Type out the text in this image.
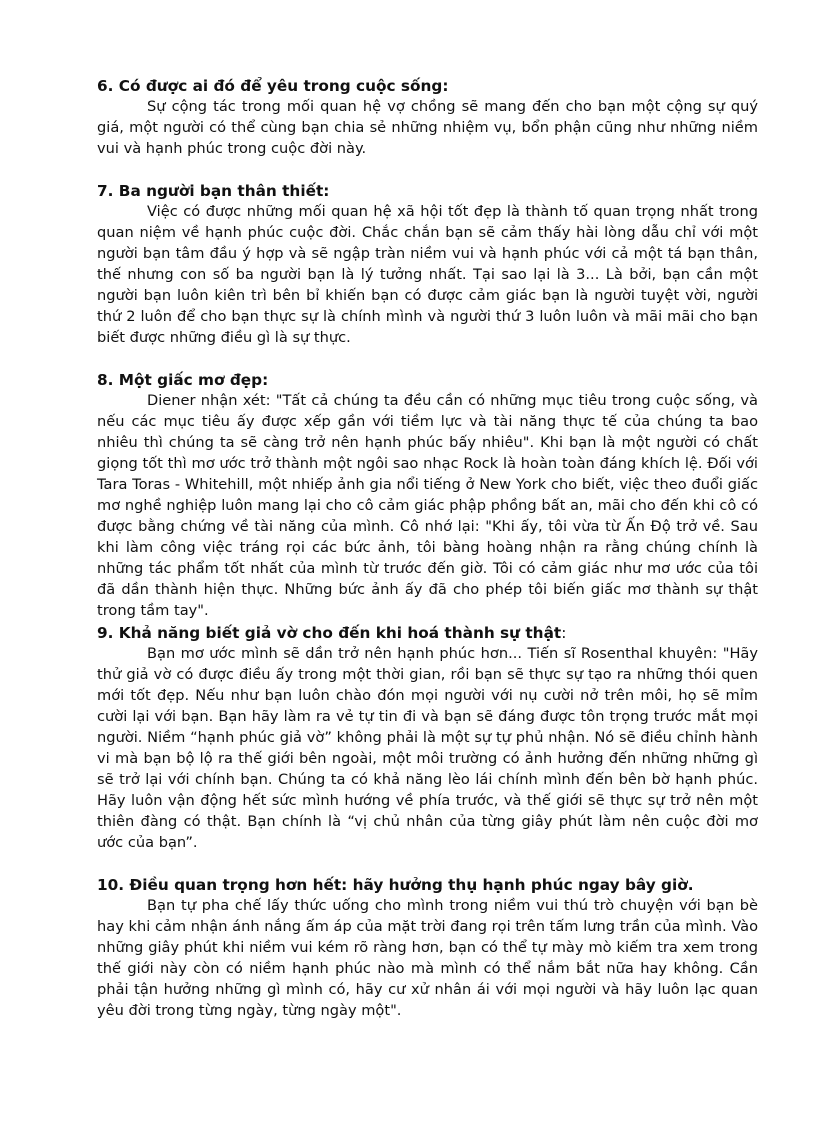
6. Có được ai đó để yêu trong cuộc sống:

Sự cộng tác trong mối quan hệ vợ chồng sẽ mang đến cho bạn một cộng sự quý giá, một người có thể cùng bạn chia sẻ những nhiệm vụ, bổn phận cũng như những niềm vui và hạnh phúc trong cuộc đời này.

7. Ba người bạn thân thiết:

Việc có được những mối quan hệ xã hội tốt đẹp là thành tố quan trọng nhất trong quan niệm về hạnh phúc cuộc đời. Chắc chắn bạn sẽ cảm thấy hài lòng dẫu chỉ với một người bạn tâm đầu ý hợp và sẽ ngập tràn niềm vui và hạnh phúc với cả một tá bạn thân, thế nhưng con số ba người bạn là lý tưởng nhất. Tại sao lại là 3... Là bởi, bạn cần một người bạn luôn kiên trì bên bỉ khiến bạn có được cảm giác bạn là người tuyệt vời, người thứ 2 luôn để cho bạn thực sự là chính mình và người thứ 3 luôn luôn và mãi mãi cho bạn biết được những điều gì là sự thực.

8. Một giấc mơ đẹp:

Diener nhận xét: "Tất cả chúng ta đều cần có những mục tiêu trong cuộc sống, và nếu các mục tiêu ấy được xếp gần với tiềm lực và tài năng thực tế của chúng ta bao nhiêu thì chúng ta sẽ càng trở nên hạnh phúc bấy nhiêu". Khi bạn là một người có chất giọng tốt thì mơ ước trở thành một ngôi sao nhạc Rock là hoàn toàn đáng khích lệ. Đối với Tara Toras - Whitehill, một nhiếp ảnh gia nổi tiếng ở New York cho biết, việc theo đuổi giấc mơ nghề nghiệp luôn mang lại cho cô cảm giác phập phồng bất an, mãi cho đến khi cô có được bằng chứng về tài năng của mình. Cô nhớ lại: "Khi ấy, tôi vừa từ Ấn Độ trở về. Sau khi làm công việc tráng rọi các bức ảnh, tôi bàng hoàng nhận ra rằng chúng chính là những tác phẩm tốt nhất của mình từ trước đến giờ. Tôi có cảm giác như mơ ước của tôi đã dần thành hiện thực. Những bức ảnh ấy đã cho phép tôi biến giấc mơ thành sự thật trong tầm tay".

9. Khả năng biết giả vờ cho đến khi hoá thành sự thật:

Bạn mơ ước mình sẽ dần trở nên hạnh phúc hơn... Tiến sĩ Rosenthal khuyên: "Hãy thử giả vờ có được điều ấy trong một thời gian, rồi bạn sẽ thực sự tạo ra những thói quen mới tốt đẹp. Nếu như bạn luôn chào đón mọi người với nụ cười nở trên môi, họ sẽ mỉm cười lại với bạn. Bạn hãy làm ra vẻ tự tin đi và bạn sẽ đáng được tôn trọng trước mắt mọi người. Niềm “hạnh phúc giả vờ” không phải là một sự tự phủ nhận. Nó sẽ điều chỉnh hành vi mà bạn bộ lộ ra thế giới bên ngoài, một môi trường có ảnh hưởng đến những những gì sẽ trở lại với chính bạn. Chúng ta có khả năng lèo lái chính mình đến bên bờ hạnh phúc. Hãy luôn vận động hết sức mình hướng về phía trước, và thế giới sẽ thực sự trở nên một thiên đàng có thật. Bạn chính là “vị chủ nhân của từng giây phút làm nên cuộc đời mơ ước của bạn”.

10. Điều quan trọng hơn hết: hãy hưởng thụ hạnh phúc ngay bây giờ.

Bạn tự pha chế lấy thức uống cho mình trong niềm vui thú trò chuyện với bạn bè hay khi cảm nhận ánh nắng ấm áp của mặt trời đang rọi trên tấm lưng trần của mình. Vào những giây phút khi niềm vui kém rõ ràng hơn, bạn có thể tự mày mò kiếm tra xem trong thế giới này còn có niềm hạnh phúc nào mà mình có thể nắm bắt nữa hay không. Cần phải tận hưởng những gì mình có, hãy cư xử nhân ái với mọi người và hãy luôn lạc quan yêu đời trong từng ngày, từng ngày một".
